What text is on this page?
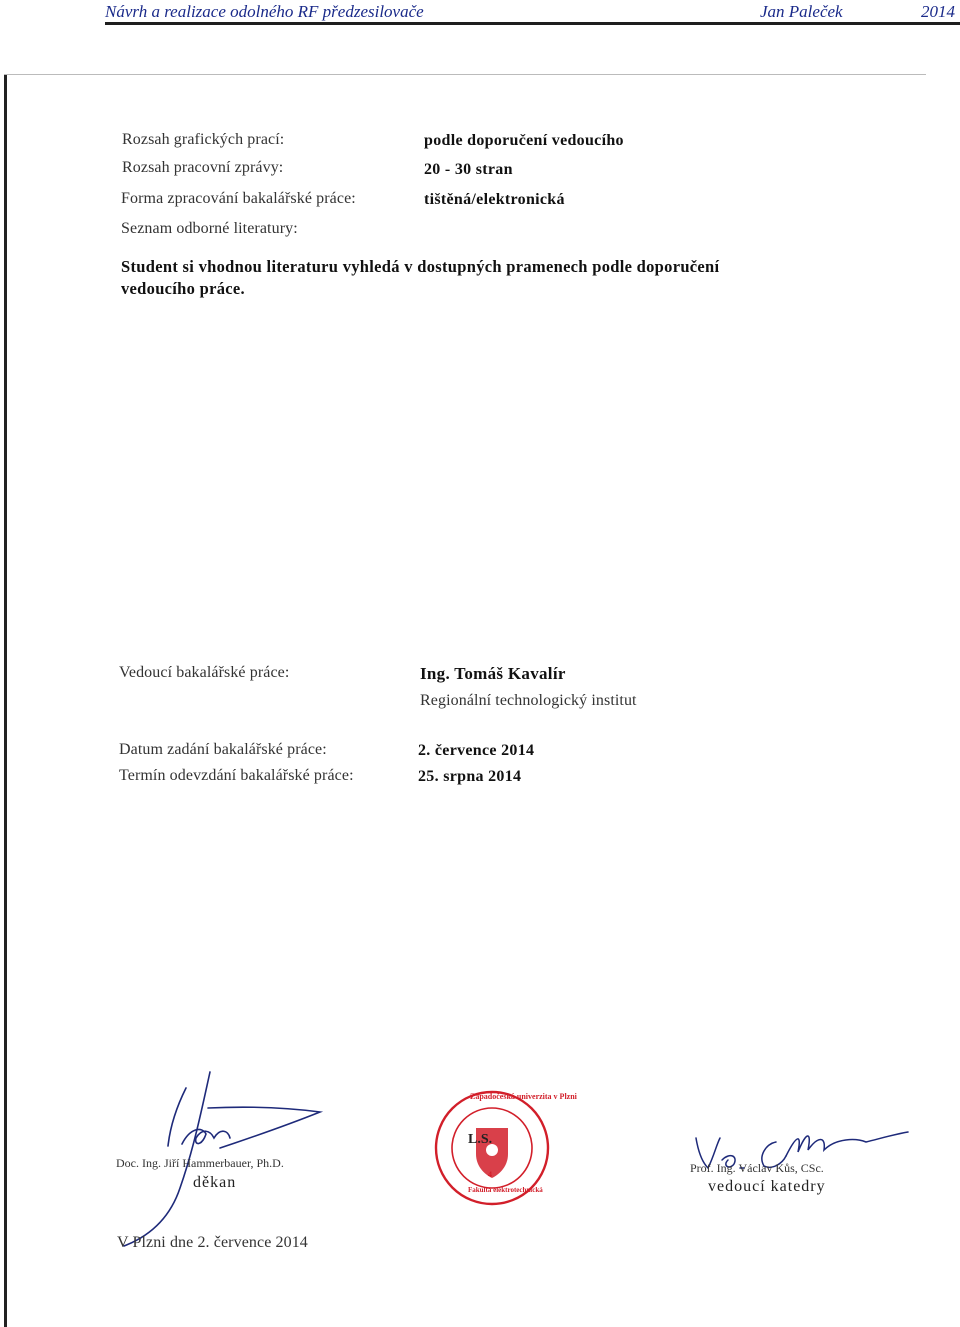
Návrh a realizace odolného RF předzesilovače	Jan Paleček	2014
Rozsah grafických prací:	podle doporučení vedoucího
Rozsah pracovní zprávy:	20 - 30 stran
Forma zpracování bakalářské práce:	tištěná/elektronická
Seznam odborné literatury:
Student si vhodnou literaturu vyhledá v dostupných pramenech podle doporučení vedoucího práce.
Vedoucí bakalářské práce:	Ing. Tomáš Kavalír
Regionální technologický institut
Datum zadání bakalářské práce:	2. července 2014
Termín odevzdání bakalářské práce:	25. srpna 2014
Doc. Ing. Jiří Hammerbauer, Ph.D.
děkan
L.S.
Západočeská univerzita v Plzni
Fakulta elektrotechnická
4	Prof. Ing. Václav Kůs, CSc.
vedoucí katedry
V Plzni dne 2. července 2014
